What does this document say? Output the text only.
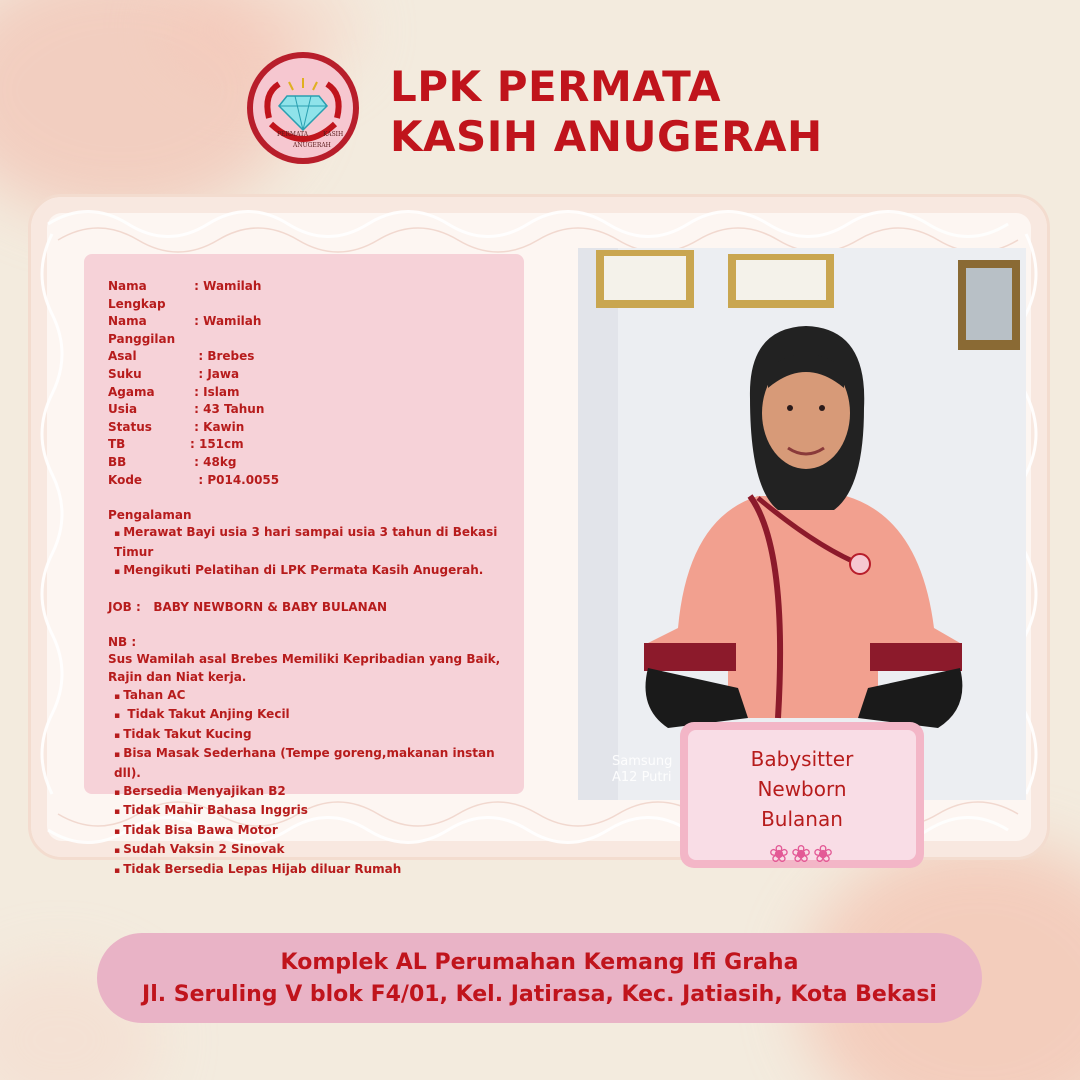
PERMATA KASIH
ANUGERAH
LPK PERMATA
KASIH ANUGERAH
Nama Lengkap
: Wamilah
Nama Panggilan
: Wamilah
Asal	: Brebes
Suku	: Jawa
Agama	: Islam
Usia	: 43 Tahun
Status	: Kawin
TB	: 151cm
BB	: 48kg
Kode	: P014.0055
Pengalaman
▪ Merawat Bayi usia 3 hari sampai usia 3 tahun di Bekasi Timur
▪ Mengikuti Pelatihan di LPK Permata Kasih Anugerah.
JOB :   BABY NEWBORN & BABY BULANAN
NB :
Sus Wamilah asal Brebes Memiliki Kepribadian yang Baik, Rajin dan Niat kerja.
▪ Tahan AC
▪  Tidak Takut Anjing Kecil
▪ Tidak Takut Kucing
▪ Bisa Masak Sederhana (Tempe goreng,makanan instan dll).
▪ Bersedia Menyajikan B2
▪ Tidak Mahir Bahasa Inggris
▪ Tidak Bisa Bawa Motor
▪ Sudah Vaksin 2 Sinovak
▪ Tidak Bersedia Lepas Hijab diluar Rumah
Samsung
A12 Putri
Babysitter
Newborn
Bulanan
❀❀❀
Komplek AL Perumahan Kemang Ifi Graha
Jl. Seruling V blok F4/01, Kel. Jatirasa, Kec. Jatiasih, Kota Bekasi
